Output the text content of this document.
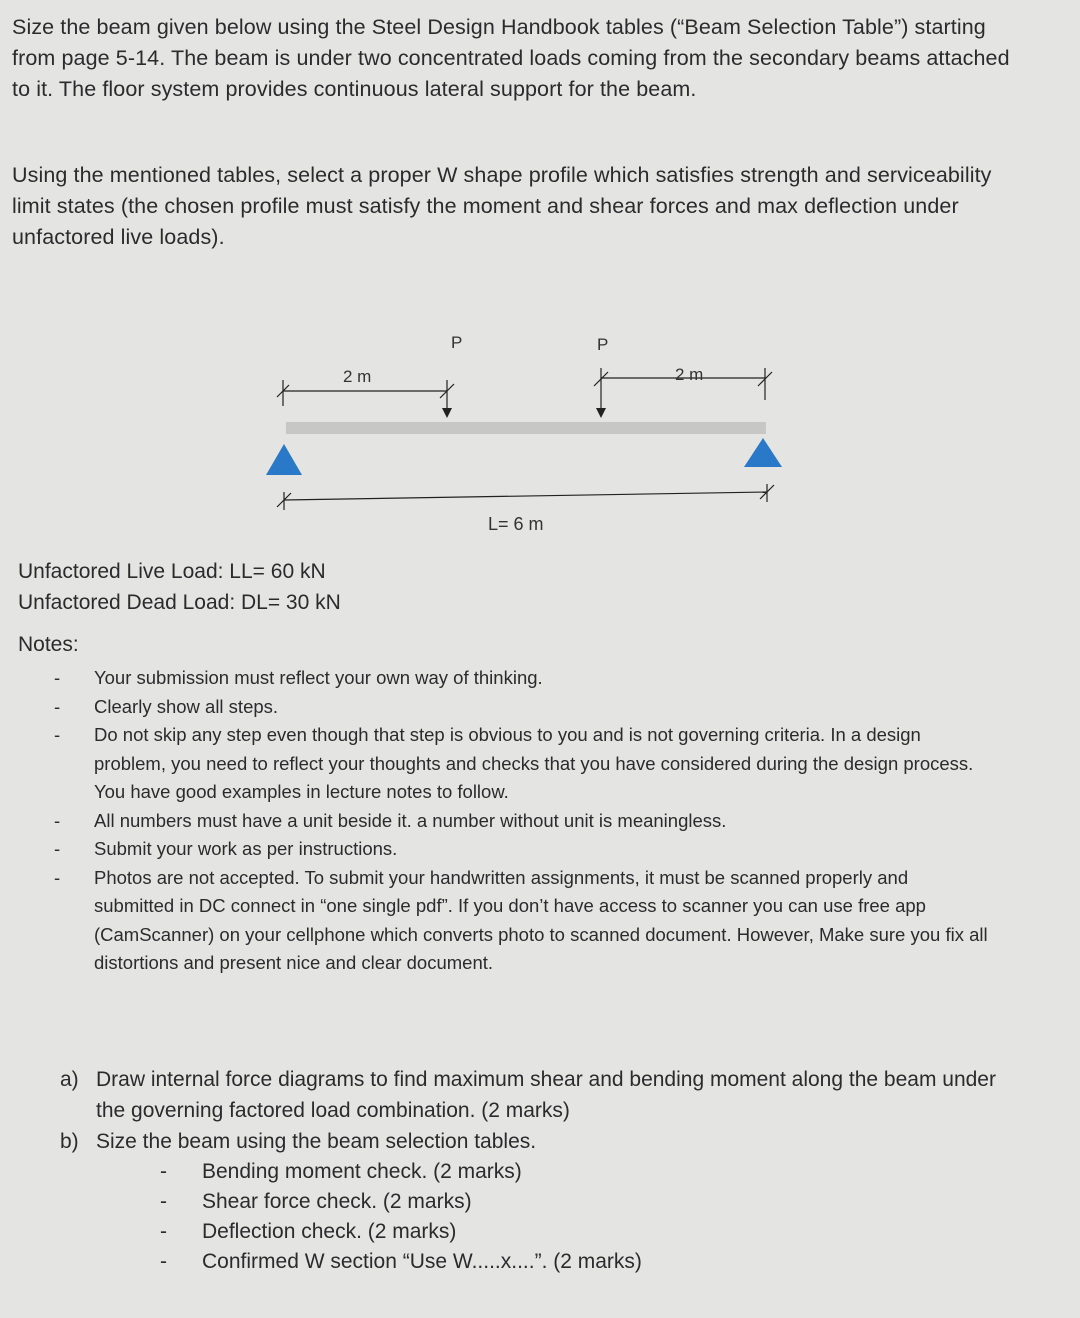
Size the beam given below using the Steel Design Handbook tables (“Beam Selection Table”) starting from page 5-14. The beam is under two concentrated loads coming from the secondary beams attached to it. The floor system provides continuous lateral support for the beam.
Using the mentioned tables, select a proper W shape profile which satisfies strength and serviceability limit states (the chosen profile must satisfy the moment and shear forces and max deflection under unfactored live loads).
P	P
2 m	2 m
L= 6 m
Unfactored Live Load: LL= 60 kN
Unfactored Dead Load: DL= 30 kN
Notes:
- Your submission must reflect your own way of thinking.
- Clearly show all steps.
- Do not skip any step even though that step is obvious to you and is not governing criteria. In a design problem, you need to reflect your thoughts and checks that you have considered during the design process. You have good examples in lecture notes to follow.
- All numbers must have a unit beside it. a number without unit is meaningless.
- Submit your work as per instructions.
- Photos are not accepted. To submit your handwritten assignments, it must be scanned properly and submitted in DC connect in “one single pdf”. If you don’t have access to scanner you can use free app (CamScanner) on your cellphone which converts photo to scanned document. However, Make sure you fix all distortions and present nice and clear document.
a) Draw internal force diagrams to find maximum shear and bending moment along the beam under the governing factored load combination. (2 marks)
b) Size the beam using the beam selection tables.
- Bending moment check. (2 marks)
- Shear force check. (2 marks)
- Deflection check. (2 marks)
- Confirmed W section “Use W.....x....”. (2 marks)
